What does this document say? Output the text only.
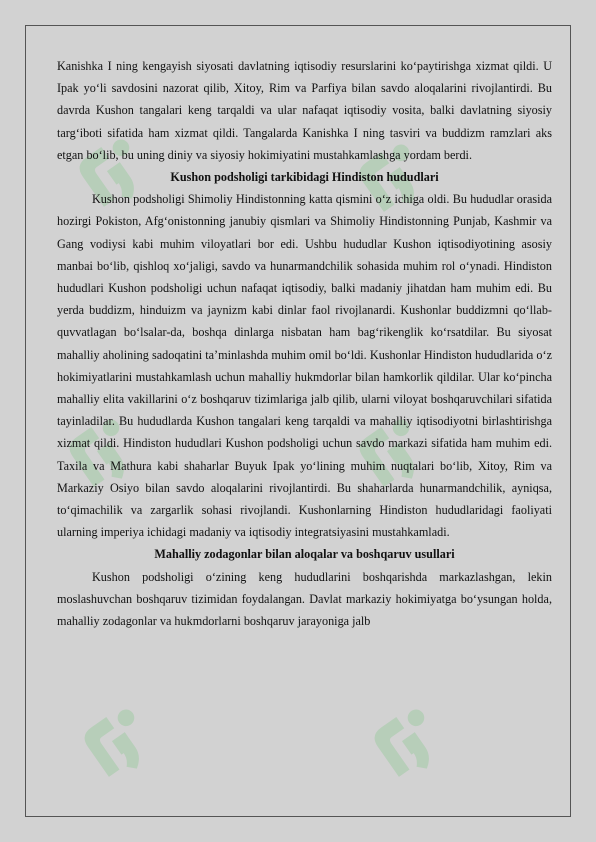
Kanishka I ning kengayish siyosati davlatning iqtisodiy resurslarini ko‘paytirishga xizmat qildi. U Ipak yo‘li savdosini nazorat qilib, Xitoy, Rim va Parfiya bilan savdo aloqalarini rivojlantirdi. Bu davrda Kushon tangalari keng tarqaldi va ular nafaqat iqtisodiy vosita, balki davlatning siyosiy targ‘iboti sifatida ham xizmat qildi. Tangalarda Kanishka I ning tasviri va buddizm ramzlari aks etgan bo‘lib, bu uning diniy va siyosiy hokimiyatini mustahkamlashga yordam berdi.

Kushon podsholigi tarkibidagi Hindiston hududlari

Kushon podsholigi Shimoliy Hindistonning katta qismini o‘z ichiga oldi. Bu hududlar orasida hozirgi Pokiston, Afg‘onistonning janubiy qismlari va Shimoliy Hindistonning Punjab, Kashmir va Gang vodiysi kabi muhim viloyatlari bor edi. Ushbu hududlar Kushon iqtisodiyotining asosiy manbai bo‘lib, qishloq xo‘jaligi, savdo va hunarmandchilik sohasida muhim rol o‘ynadi. Hindiston hududlari Kushon podsholigi uchun nafaqat iqtisodiy, balki madaniy jihatdan ham muhim edi. Bu yerda buddizm, hinduizm va jaynizm kabi dinlar faol rivojlanardi. Kushonlar buddizmni qo‘llab-quvvatlagan bo‘lsalar-da, boshqa dinlarga nisbatan ham bag‘rikenglik ko‘rsatdilar. Bu siyosat mahalliy aholining sadoqatini ta’minlashda muhim omil bo‘ldi. Kushonlar Hindiston hududlarida o‘z hokimiyatlarini mustahkamlash uchun mahalliy hukmdorlar bilan hamkorlik qildilar. Ular ko‘pincha mahalliy elita vakillarini o‘z boshqaruv tizimlariga jalb qilib, ularni viloyat boshqaruvchilari sifatida tayinladilar. Bu hududlarda Kushon tangalari keng tarqaldi va mahalliy iqtisodiyotni birlashtirishga xizmat qildi. Hindiston hududlari Kushon podsholigi uchun savdo markazi sifatida ham muhim edi. Taxila va Mathura kabi shaharlar Buyuk Ipak yo‘lining muhim nuqtalari bo‘lib, Xitoy, Rim va Markaziy Osiyo bilan savdo aloqalarini rivojlantirdi. Bu shaharlarda hunarmandchilik, ayniqsa, to‘qimachilik va zargarlik sohasi rivojlandi. Kushonlarning Hindiston hududlaridagi faoliyati ularning imperiya ichidagi madaniy va iqtisodiy integratsiyasini mustahkamladi.

Mahalliy zodagonlar bilan aloqalar va boshqaruv usullari

Kushon podsholigi o‘zining keng hududlarini boshqarishda markazlashgan, lekin moslashuvchan boshqaruv tizimidan foydalangan. Davlat markaziy hokimiyatga bo‘ysungan holda, mahalliy zodagonlar va hukmdorlarni boshqaruv jarayoniga jalb
